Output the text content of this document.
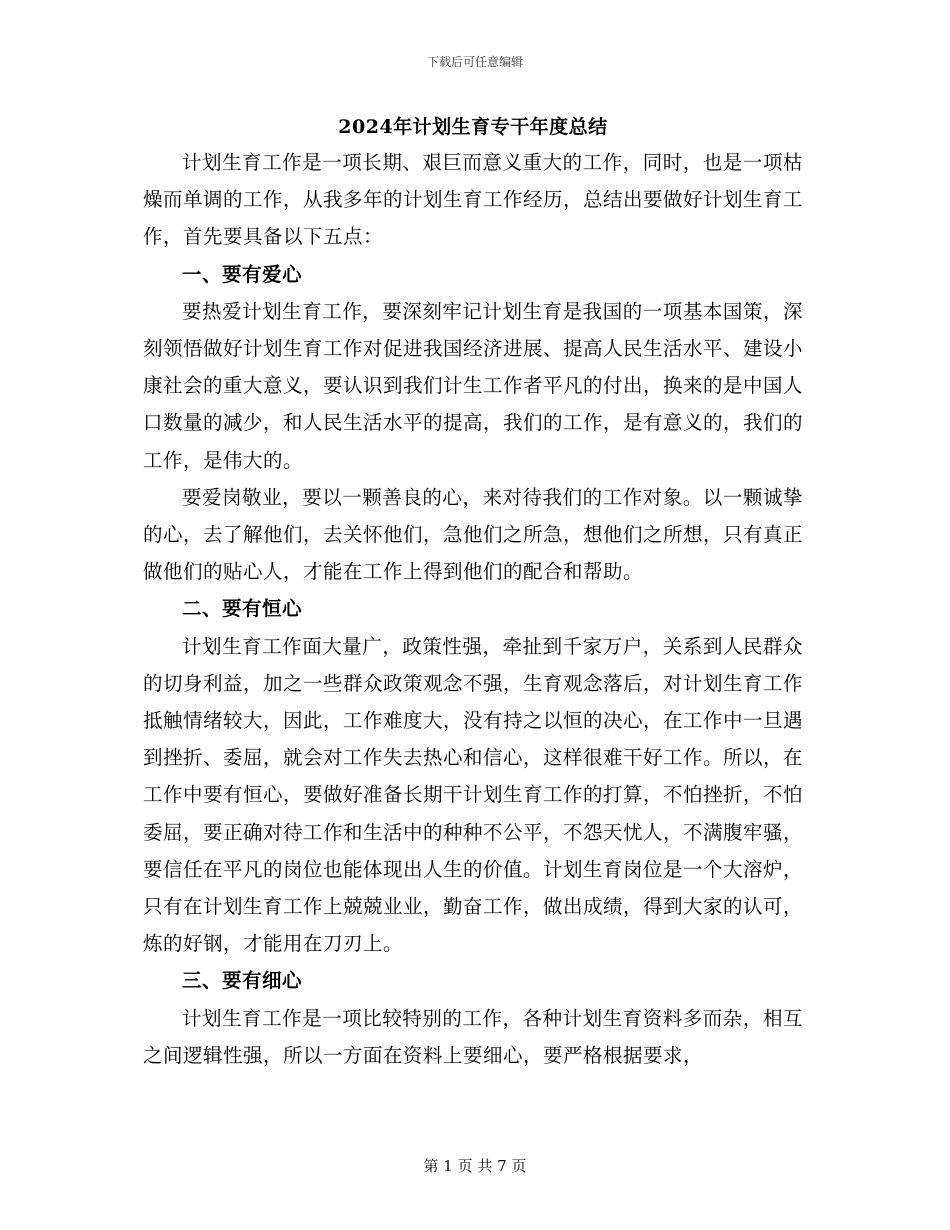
下载后可任意编辑
2024年计划生育专干年度总结

计划生育工作是一项长期、艰巨而意义重大的工作，同时，也是一项枯燥而单调的工作，从我多年的计划生育工作经历，总结出要做好计划生育工作，首先要具备以下五点：

一、要有爱心

要热爱计划生育工作，要深刻牢记计划生育是我国的一项基本国策，深刻领悟做好计划生育工作对促进我国经济进展、提高人民生活水平、建设小康社会的重大意义，要认识到我们计生工作者平凡的付出，换来的是中国人口数量的减少，和人民生活水平的提高，我们的工作，是有意义的，我们的工作，是伟大的。

要爱岗敬业，要以一颗善良的心，来对待我们的工作对象。以一颗诚挚的心，去了解他们，去关怀他们，急他们之所急，想他们之所想，只有真正做他们的贴心人，才能在工作上得到他们的配合和帮助。

二、要有恒心

计划生育工作面大量广，政策性强，牵扯到千家万户，关系到人民群众的切身利益，加之一些群众政策观念不强，生育观念落后，对计划生育工作抵触情绪较大，因此，工作难度大，没有持之以恒的决心，在工作中一旦遇到挫折、委屈，就会对工作失去热心和信心，这样很难干好工作。所以，在工作中要有恒心，要做好准备长期干计划生育工作的打算，不怕挫折，不怕委屈，要正确对待工作和生活中的种种不公平，不怨天忧人，不满腹牢骚，要信任在平凡的岗位也能体现出人生的价值。计划生育岗位是一个大溶炉，只有在计划生育工作上兢兢业业，勤奋工作，做出成绩，得到大家的认可，炼的好钢，才能用在刀刃上。

三、要有细心

计划生育工作是一项比较特别的工作，各种计划生育资料多而杂，相互之间逻辑性强，所以一方面在资料上要细心，要严格根据要求，

第 1 页 共 7 页
